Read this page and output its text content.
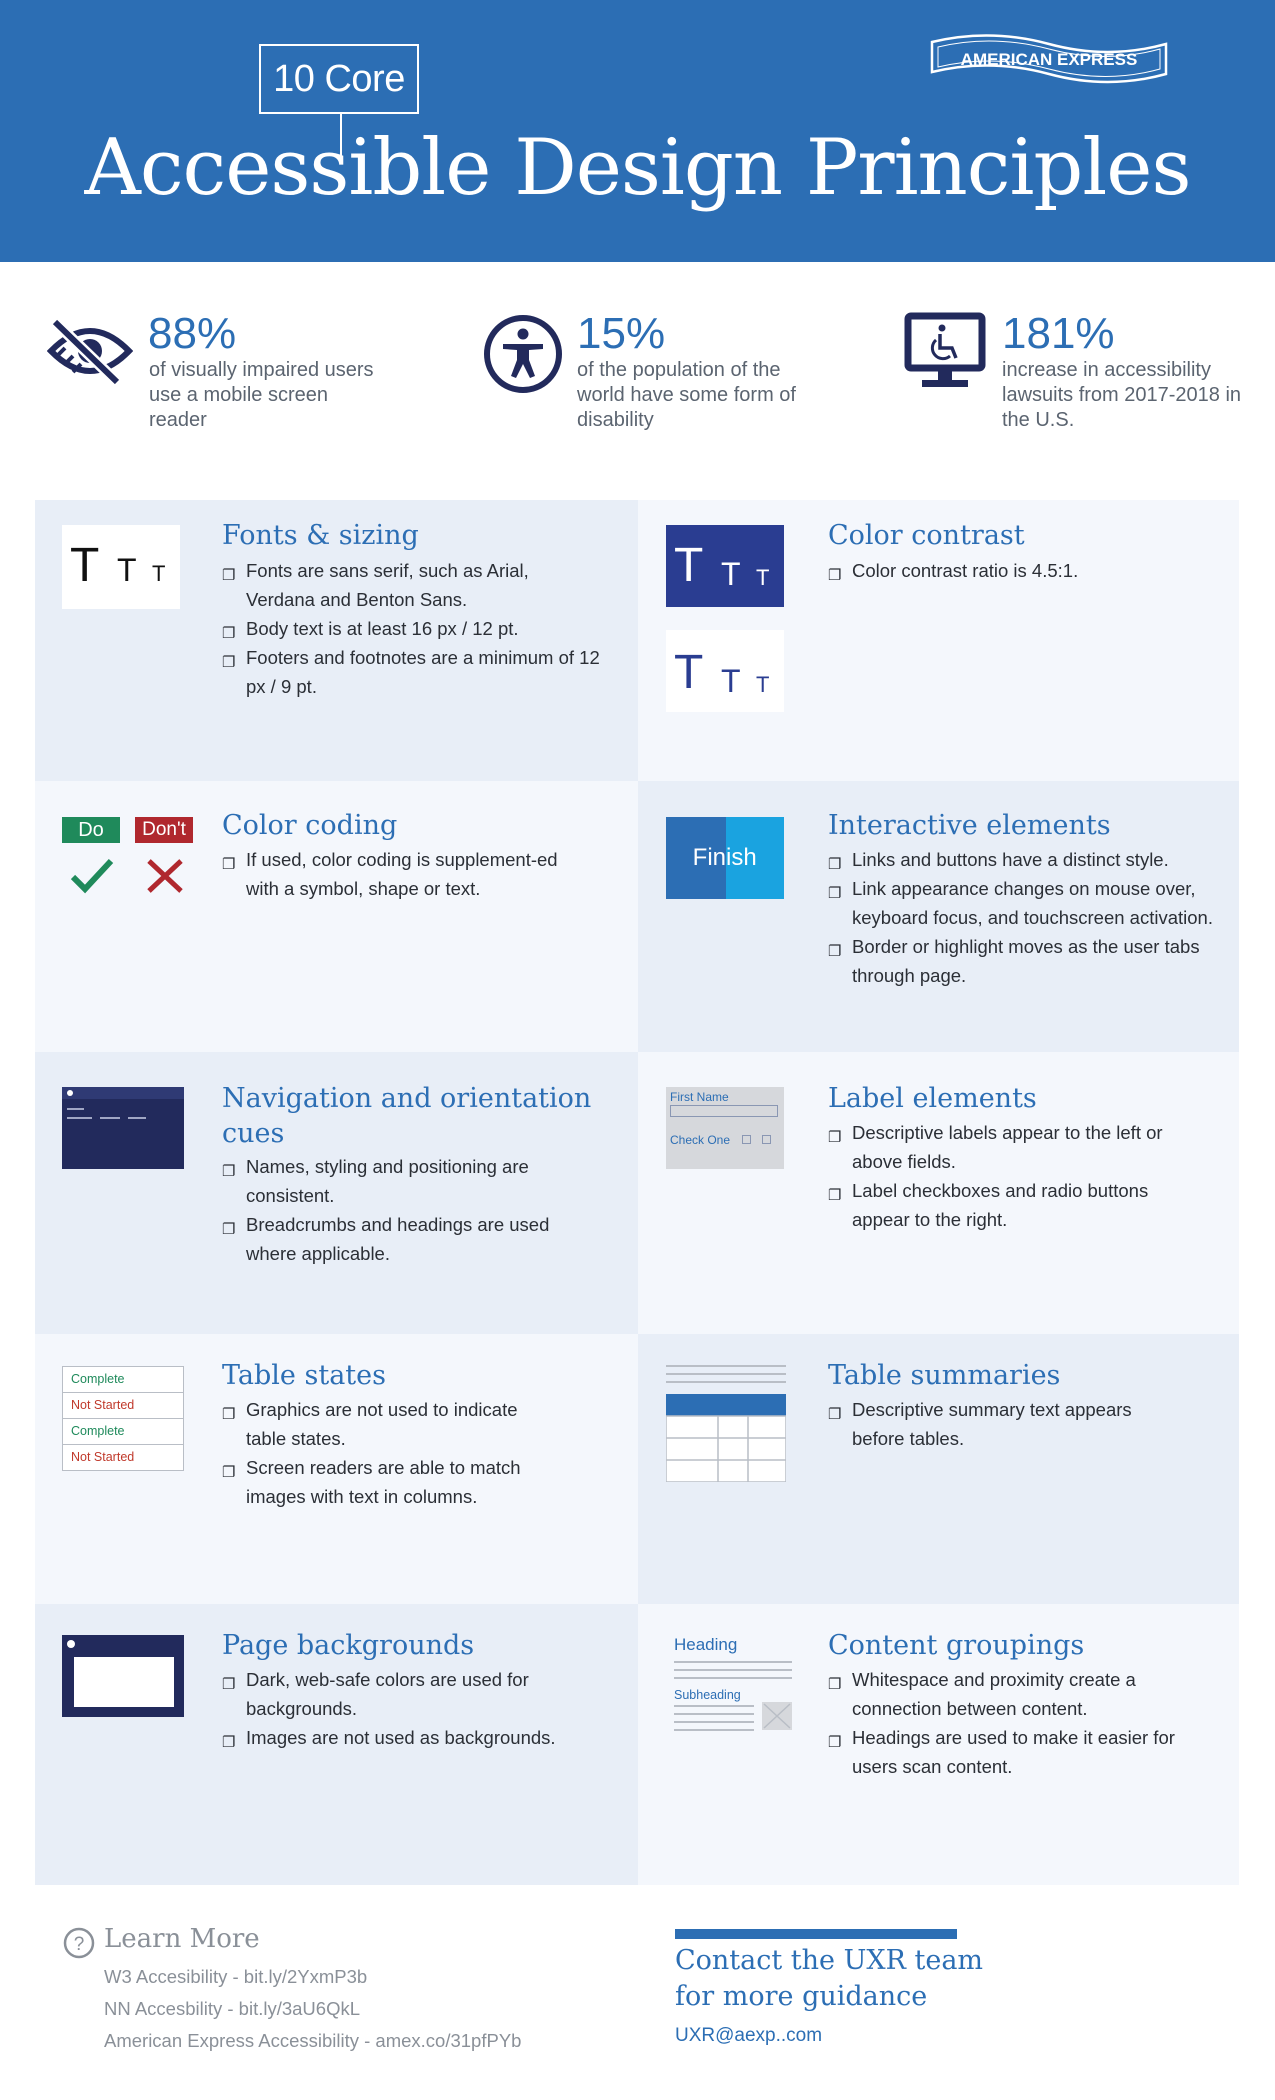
10 Core
Accessible Design Principles
AMERICAN EXPRESS
88%
of visually impaired users use a mobile screen reader
15%
of the population of the world have some form of disability
181%
increase in accessibility lawsuits from 2017-2018 in the U.S.
T T T
Fonts & sizing
❐ Fonts are sans serif, such as Arial, Verdana and Benton Sans.
❐ Body text is at least 16 px / 12 pt.
❐ Footers and footnotes are a minimum of 12 px / 9 pt.
T T T
T T T
Color contrast
❐ Color contrast ratio is 4.5:1.
Do	Don't Color coding
❐ If used, color coding is supplement-ed with a symbol, shape or text.
Fin ish
Interactive elements
❐ Links and buttons have a distinct style.
❐ Link appearance changes on mouse over, keyboard focus, and touchscreen activation.
❐ Border or highlight moves as the user tabs through page.
Navigation and orientation cues
❐ Names, styling and positioning are consistent.
❐ Breadcrumbs and headings are used where applicable.
First Name
Check One
Label elements
❐ Descriptive labels appear to the left or above fields.
❐ Label checkboxes and radio buttons appear to the right.
Complete
Not Started
Complete
Not Started
Table states
❐ Graphics are not used to indicate table states.
❐ Screen readers are able to match images with text in columns.
Table summaries
❐ Descriptive summary text appears before tables.
Page backgrounds
❐ Dark, web-safe colors are used for backgrounds.
❐ Images are not used as backgrounds.
Heading
Subheading
Content groupings
❐ Whitespace and proximity create a connection between content.
❐ Headings are used to make it easier for users scan content.
? Learn More
W3 Accesibility - bit.ly/2YxmP3b
NN Accesbility - bit.ly/3aU6QkL
American Express Accessibility - amex.co/31pfPYb
Contact the UXR team for more guidance
UXR@aexp..com
